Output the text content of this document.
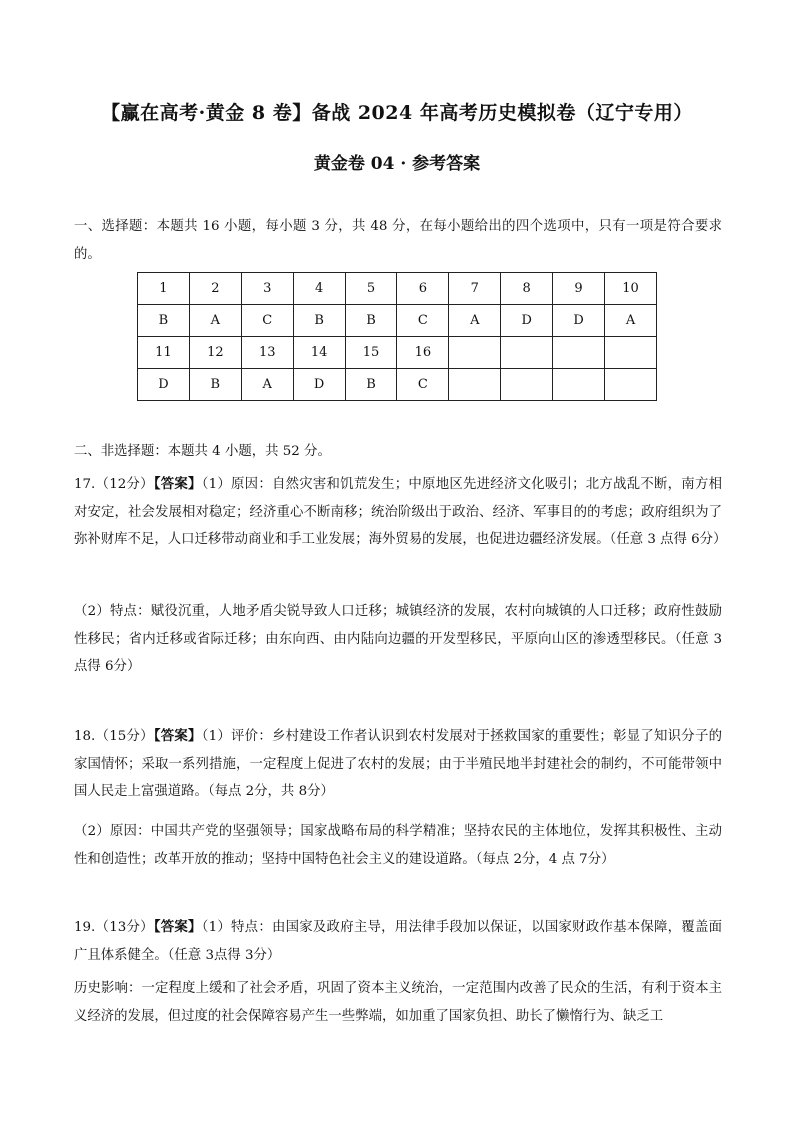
【赢在高考·黄金 8 卷】备战 2024 年高考历史模拟卷（辽宁专用）
黄金卷 04 · 参考答案
一、选择题：本题共 16 小题，每小题 3 分，共 48 分，在每小题给出的四个选项中，只有一项是符合要求的。
1	2	3	4	5	6	7	8	9	10
B	A	C	B	B	C	A	D	D	A
11	12	13	14	15	16				
D	B	A	D	B	C				
二、非选择题：本题共 4 小题，共 52 分。
17.（12分）【答案】（1）原因：自然灾害和饥荒发生；中原地区先进经济文化吸引；北方战乱不断，南方相对安定，社会发展相对稳定；经济重心不断南移；统治阶级出于政治、经济、军事目的的考虑；政府组织为了弥补财库不足，人口迁移带动商业和手工业发展；海外贸易的发展，也促进边疆经济发展。（任意 3 点得 6分）
（2）特点：赋役沉重，人地矛盾尖锐导致人口迁移；城镇经济的发展，农村向城镇的人口迁移；政府性鼓励性移民；省内迁移或省际迁移；由东向西、由内陆向边疆的开发型移民，平原向山区的渗透型移民。（任意 3 点得 6分）
18.（15分）【答案】（1）评价：乡村建设工作者认识到农村发展对于拯救国家的重要性；彰显了知识分子的家国情怀；采取一系列措施，一定程度上促进了农村的发展；由于半殖民地半封建社会的制约，不可能带领中国人民走上富强道路。（每点 2分，共 8分）
（2）原因：中国共产党的坚强领导；国家战略布局的科学精准；坚持农民的主体地位，发挥其积极性、主动性和创造性；改革开放的推动；坚持中国特色社会主义的建设道路。（每点 2分，4 点 7分）
19.（13分）【答案】（1）特点：由国家及政府主导，用法律手段加以保证，以国家财政作基本保障，覆盖面广且体系健全。（任意 3点得 3分）
历史影响：一定程度上缓和了社会矛盾，巩固了资本主义统治，一定范围内改善了民众的生活，有利于资本主义经济的发展，但过度的社会保障容易产生一些弊端，如加重了国家负担、助长了懒惰行为、缺乏工
